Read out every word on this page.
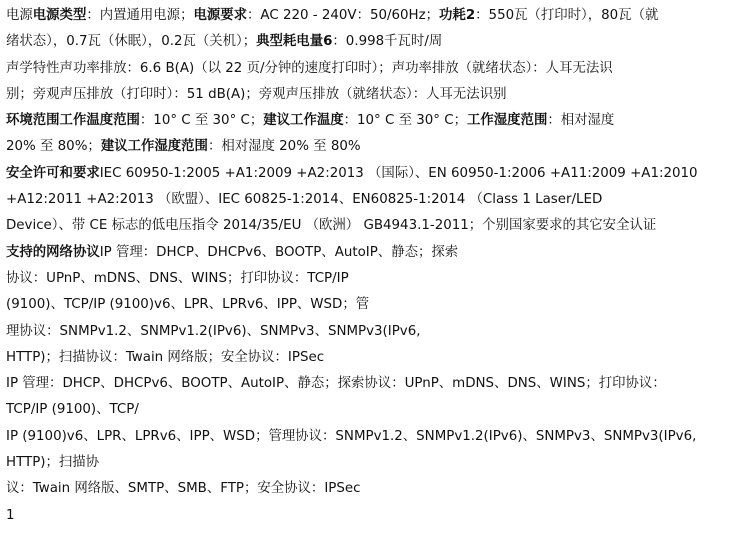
电源电源类型：内置通用电源；电源要求：AC 220 - 240V：50/60Hz；功耗2：550瓦（打印时），80瓦（就
绪状态），0.7瓦（休眠），0.2瓦（关机）；典型耗电量6：0.998千瓦时/周
声学特性声功率排放：6.6 B(A)（以 22 页/分钟的速度打印时）；声功率排放（就绪状态）：人耳无法识
别；旁观声压排放（打印时）：51 dB(A)；旁观声压排放（就绪状态）：人耳无法识别
环境范围工作温度范围：10° C 至 30° C；建议工作温度：10° C 至 30° C；工作湿度范围：相对湿度
20% 至 80%；建议工作湿度范围：相对湿度 20% 至 80%
安全许可和要求IEC 60950-1:2005 +A1:2009 +A2:2013 （国际）、EN 60950-1:2006 +A11:2009 +A1:2010
+A12:2011 +A2:2013 （欧盟）、IEC 60825-1:2014、EN60825-1:2014 （Class 1 Laser/LED
Device）、带 CE 标志的低电压指令 2014/35/EU （欧洲） GB4943.1-2011；个别国家要求的其它安全认证
支持的网络协议IP 管理：DHCP、DHCPv6、BOOTP、AutoIP、静态；探索
协议：UPnP、mDNS、DNS、WINS；打印协议：TCP/IP
(9100)、TCP/IP (9100)v6、LPR、LPRv6、IPP、WSD；管
理协议：SNMPv1.2、SNMPv1.2(IPv6)、SNMPv3、SNMPv3(IPv6,
HTTP)；扫描协议：Twain 网络版；安全协议：IPSec
IP 管理：DHCP、DHCPv6、BOOTP、AutoIP、静态；探索协议：UPnP、mDNS、DNS、WINS；打印协议：
TCP/IP (9100)、TCP/
IP (9100)v6、LPR、LPRv6、IPP、WSD；管理协议：SNMPv1.2、SNMPv1.2(IPv6)、SNMPv3、SNMPv3(IPv6,
HTTP)；扫描协
议：Twain 网络版、SMTP、SMB、FTP；安全协议：IPSec
1
